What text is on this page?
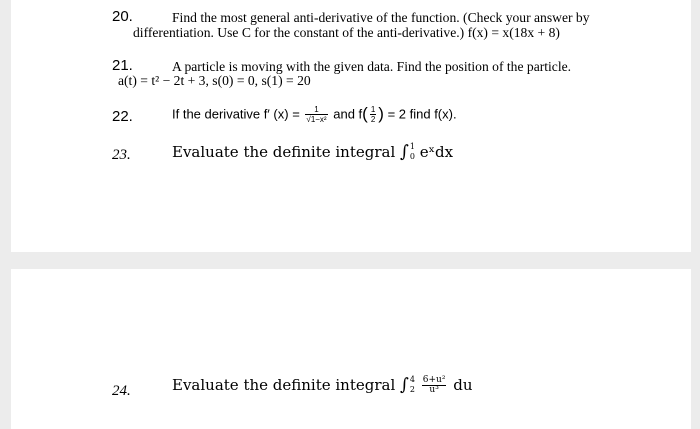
20.	Find the most general anti-derivative of the function. (Check your answer by
differentiation. Use C for the constant of the anti-derivative.) f(x) = x(18x + 8)
21.	A particle is moving with the given data. Find the position of the particle.
a(t) = t² − 2t + 3, s(0) = 0, s(1) = 20
22.	If the derivative f′ $(x) = \frac{1}{\text{√1−x²}}$ and $f( \frac{1}{2}$ ) = 2 find f(x).
23.	Evaluate the definite integral ∫ 1
0 eˣdx
24.	Evaluate the definite integral ∫ 4
2
$\frac{\text{6+u²}}{\text{u³}}$ du
